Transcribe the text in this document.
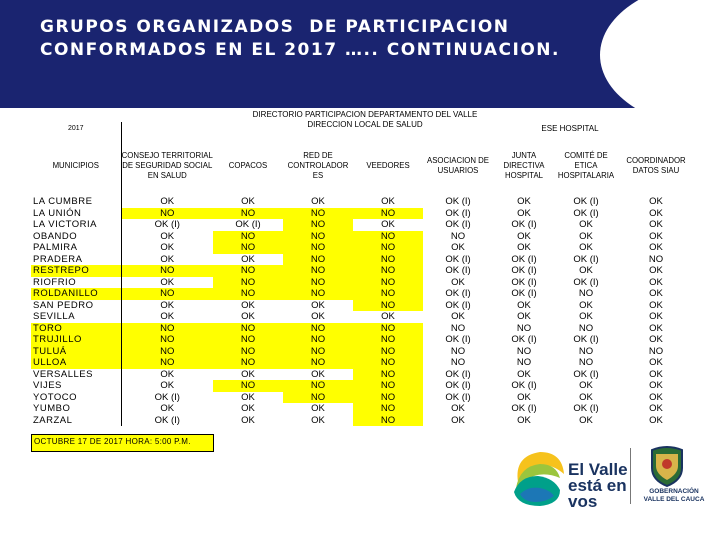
GRUPOS ORGANIZADOS  DE PARTICIPACION
CONFORMADOS EN EL 2017 ….. CONTINUACION.
DIRECTORIO PARTICIPACION DEPARTAMENTO DEL VALLE
DIRECCION LOCAL DE SALUD	ESE HOSPITAL
2017								
MUNICIPIOS	CONSEJO TERRITORIAL DE SEGURIDAD SOCIAL EN SALUD	COPACOS	RED DE CONTROLADOR ES	VEEDORES	ASOCIACION DE USUARIOS	JUNTA DIRECTIVA HOSPITAL	COMITÉ DE ETICA HOSPITALARIA	COORDINADOR DATOS SIAU
LA CUMBRE	OK	OK	OK	OK	OK (I)	OK	OK (I)	OK
LA UNIÓN	NO	NO	NO	NO	OK (I)	OK	OK (I)	OK
LA VICTORIA	OK (I)	OK (I)	NO	OK	OK (I)	OK (I)	OK	OK
OBANDO	OK	NO	NO	NO	NO	OK	OK	OK
PALMIRA	OK	NO	NO	NO	OK	OK	OK	OK
PRADERA	OK	OK	NO	NO	OK (I)	OK (I)	OK (I)	NO
RESTREPO	NO	NO	NO	NO	OK (I)	OK (I)	OK	OK
RIOFRIO	OK	NO	NO	NO	OK	OK (I)	OK (I)	OK
ROLDANILLO	NO	NO	NO	NO	OK (I)	OK (I)	NO	OK
SAN PEDRO	OK	OK	OK	NO	OK (I)	OK	OK	OK
SEVILLA	OK	OK	OK	OK	OK	OK	OK	OK
TORO	NO	NO	NO	NO	NO	NO	NO	OK
TRUJILLO	NO	NO	NO	NO	OK (I)	OK (I)	OK (I)	OK
TULUÁ	NO	NO	NO	NO	NO	NO	NO	NO
ULLOA	NO	NO	NO	NO	NO	NO	NO	OK
VERSALLES	OK	OK	OK	NO	OK (I)	OK	OK (I)	OK
VIJES	OK	NO	NO	NO	OK (I)	OK (I)	OK	OK
YOTOCO	OK (I)	OK	NO	NO	OK (I)	OK	OK	OK
YUMBO	OK	OK	OK	NO	OK	OK (I)	OK (I)	OK
ZARZAL	OK (I)	OK	OK	NO	OK	OK	OK	OK
OCTUBRE 17 DE 2017 HORA: 5:00 P.M.
El Valle
está en
vos
GOBERNACIÓN
VALLE DEL CAUCA
